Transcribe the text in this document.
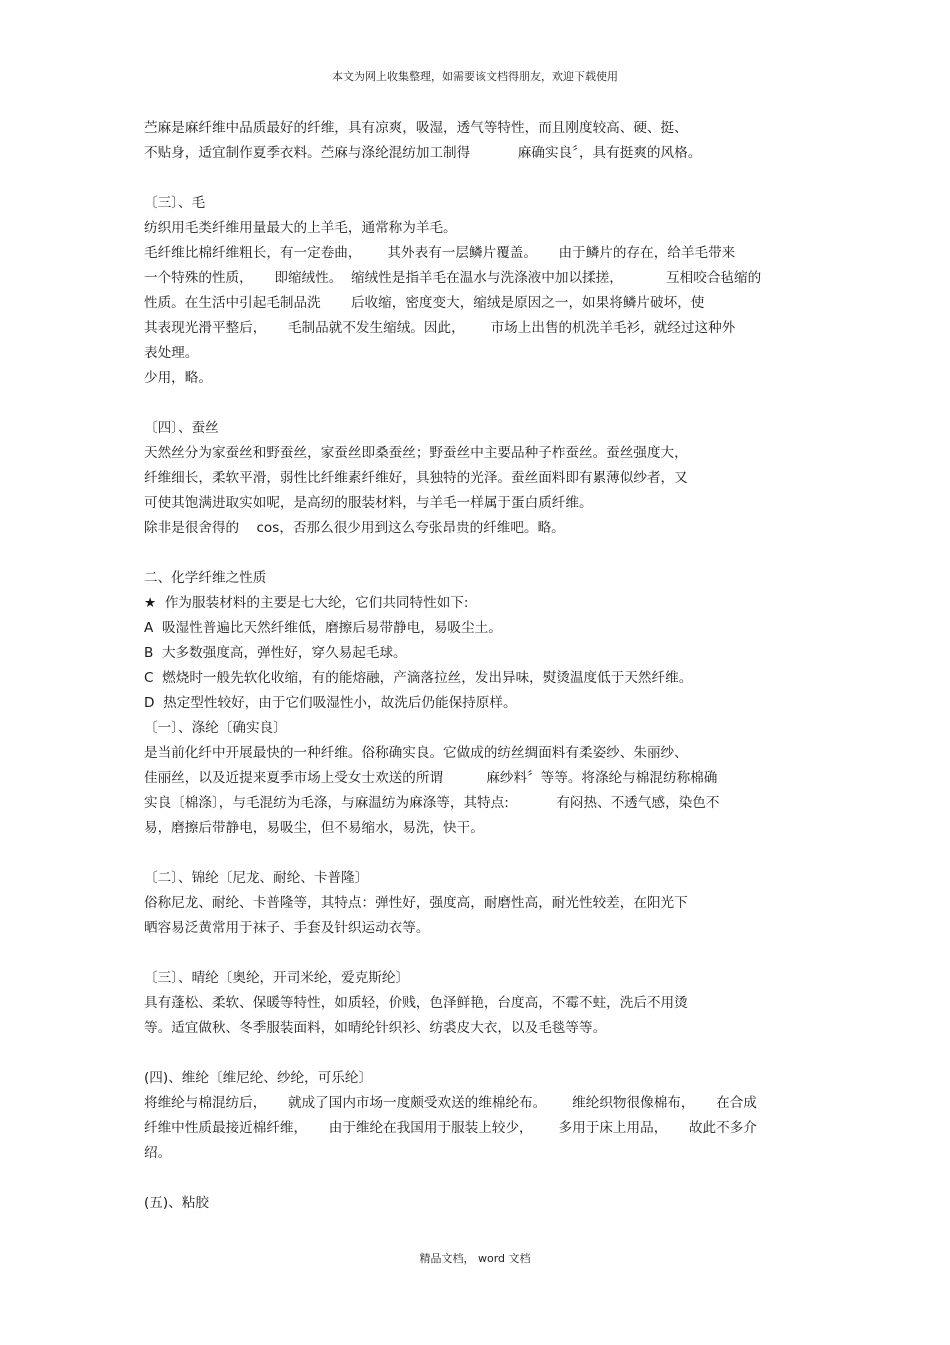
本文为网上收集整理，如需要该文档得朋友，欢迎下载使用
苎麻是麻纤维中品质最好的纤维，具有凉爽，吸湿，透气等特性，而且刚度较高、硬、挺、
不贴身，适宜制作夏季衣料。苎麻与涤纶混纺加工制得           麻确实良〞，具有挺爽的风格。
〔三〕、毛
纺织用毛类纤维用量最大的上羊毛，通常称为羊毛。
毛纤维比棉纤维粗长，有一定卷曲，      其外表有一层鳞片覆盖。     由于鳞片的存在，给羊毛带来
一个特殊的性质，     即缩绒性。  缩绒性是指羊毛在温水与洗涤液中加以揉搓，          互相咬合毡缩的
性质。在生活中引起毛制品洗       后收缩，密度变大，缩绒是原因之一，如果将鳞片破坏，使
其表现光滑平整后，     毛制品就不发生缩绒。因此，      市场上出售的机洗羊毛衫，就经过这种外
表处理。
少用，略。
〔四〕、蚕丝
天然丝分为家蚕丝和野蚕丝，家蚕丝即桑蚕丝；野蚕丝中主要品种子柞蚕丝。蚕丝强度大，
纤维细长，柔软平滑，弱性比纤维素纤维好，具独特的光泽。蚕丝面料即有累薄似纱者，又
可使其饱满进取实如呢，是高纫的服装材料，与羊毛一样属于蛋白质纤维。
除非是很舍得的    cos，否那么很少用到这么夸张昂贵的纤维吧。略。
二、化学纤维之性质
★  作为服装材料的主要是七大纶，它们共同特性如下:
A  吸湿性普遍比天然纤维低，磨擦后易带静电，易吸尘土。
B  大多数强度高，弹性好，穿久易起毛球。
C  燃烧时一般先软化收缩，有的能熔融，产滴落拉丝，发出异味，熨烫温度低于天然纤维。
D  热定型性较好，由于它们吸湿性小，故洗后仍能保持原样。
〔一〕、涤纶〔确实良〕
是当前化纤中开展最快的一种纤维。俗称确实良。它做成的纺丝绸面料有柔姿纱、朱丽纱、
佳丽丝，以及近提来夏季市场上受女士欢送的所谓          麻纱料〞等等。将涤纶与棉混纺称棉确
实良〔棉涤〕，与毛混纺为毛涤，与麻温纺为麻涤等，其特点:           有闷热、不透气感，染色不
易，磨擦后带静电，易吸尘，但不易缩水，易洗，快干。
〔二〕、锦纶〔尼龙、耐纶、卡普隆〕
俗称尼龙、耐纶、卡普隆等，其特点：弹性好，强度高，耐磨性高，耐光性较差，在阳光下
晒容易泛黄常用于袜子、手套及针织运动衣等。
〔三〕、晴纶〔奥纶，开司米纶，爱克斯纶〕
具有蓬松、柔软、保暖等特性，如质轻，价贱，色泽鲜艳，台度高，不霉不蛀，洗后不用烫
等。适宜做秋、冬季服装面料，如晴纶针织衫、纺裘皮大衣，以及毛毯等等。
(四)、维纶〔维尼纶、纱纶，可乐纶〕
将维纶与棉混纺后，     就成了国内市场一度颇受欢送的维棉纶布。      维纶织物很像棉布，     在合成
纤维中性质最接近棉纤维，     由于维纶在我国用于服装上较少，      多用于床上用品，     故此不多介
绍。
(五)、粘胶
精品文档， word 文档
